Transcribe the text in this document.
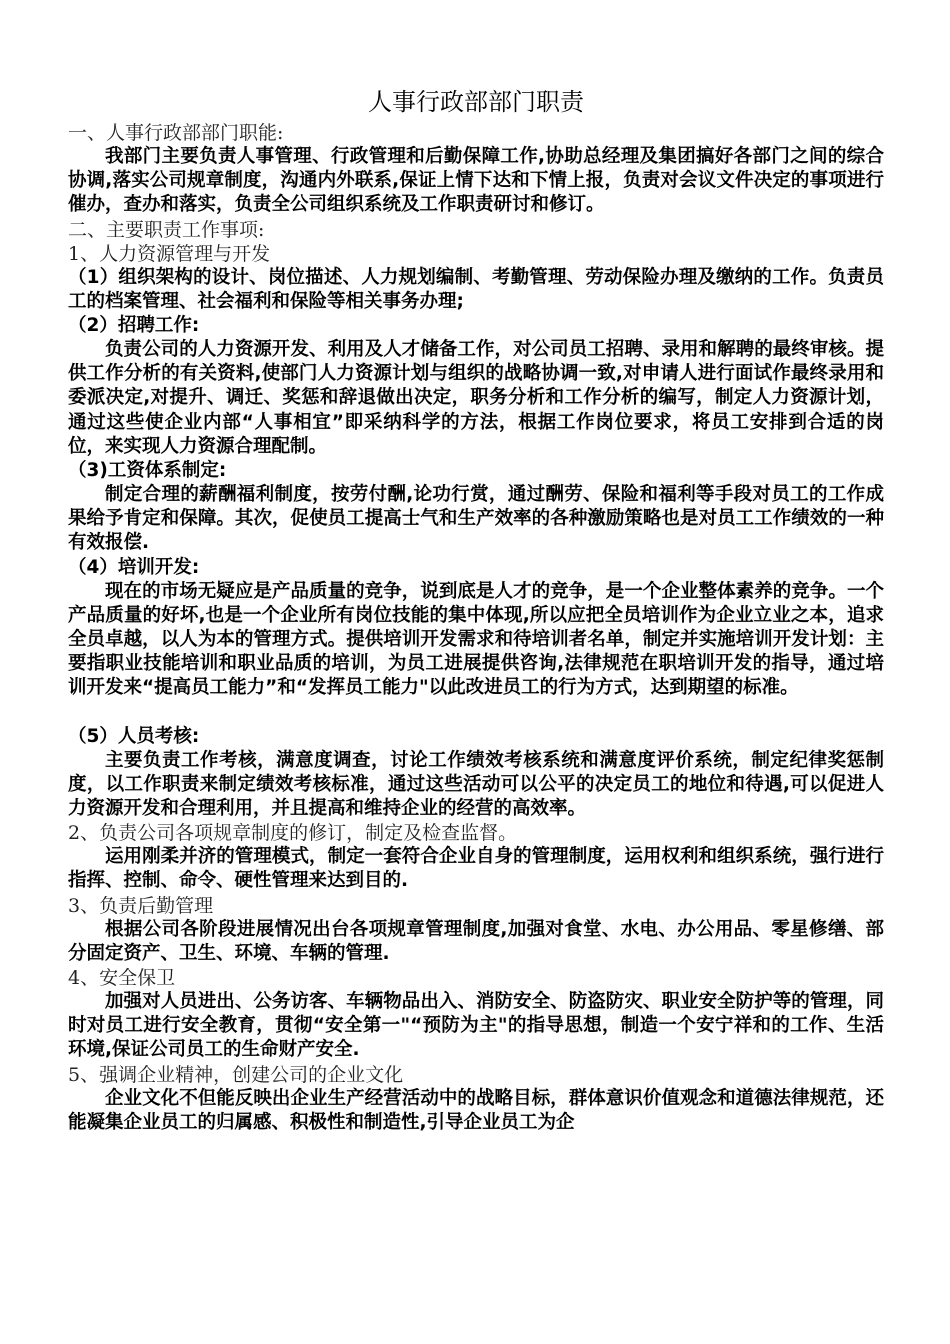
人事行政部部门职责
一、人事行政部部门职能:
我部门主要负责人事管理、行政管理和后勤保障工作,协助总经理及集团搞好各部门之间的综合协调,落实公司规章制度，沟通内外联系,保证上情下达和下情上报，负责对会议文件决定的事项进行催办，查办和落实，负责全公司组织系统及工作职责研讨和修订。
二、主要职责工作事项:
1、人力资源管理与开发
（1）组织架构的设计、岗位描述、人力规划编制、考勤管理、劳动保险办理及缴纳的工作。负责员工的档案管理、社会福利和保险等相关事务办理;
（2）招聘工作:
负责公司的人力资源开发、利用及人才储备工作，对公司员工招聘、录用和解聘的最终审核。提供工作分析的有关资料,使部门人力资源计划与组织的战略协调一致,对申请人进行面试作最终录用和委派决定,对提升、调迁、奖惩和辞退做出决定，职务分析和工作分析的编写，制定人力资源计划，通过这些使企业内部“人事相宜”即采纳科学的方法，根据工作岗位要求，将员工安排到合适的岗位，来实现人力资源合理配制。
（3)工资体系制定:
制定合理的薪酬福利制度，按劳付酬,论功行赏，通过酬劳、保险和福利等手段对员工的工作成果给予肯定和保障。其次，促使员工提高士气和生产效率的各种激励策略也是对员工工作绩效的一种有效报偿.
（4）培训开发:
现在的市场无疑应是产品质量的竞争，说到底是人才的竞争，是一个企业整体素养的竞争。一个产品质量的好坏,也是一个企业所有岗位技能的集中体现,所以应把全员培训作为企业立业之本，追求全员卓越，以人为本的管理方式。提供培训开发需求和待培训者名单，制定并实施培训开发计划：主要指职业技能培训和职业品质的培训，为员工进展提供咨询,法律规范在职培训开发的指导，通过培训开发来“提高员工能力”和“发挥员工能力"以此改进员工的行为方式，达到期望的标准。
（5）人员考核:
主要负责工作考核，满意度调查，讨论工作绩效考核系统和满意度评价系统，制定纪律奖惩制度，以工作职责来制定绩效考核标准，通过这些活动可以公平的决定员工的地位和待遇,可以促进人力资源开发和合理利用，并且提高和维持企业的经营的高效率。
2、负责公司各项规章制度的修订，制定及检查监督。
运用刚柔并济的管理模式，制定一套符合企业自身的管理制度，运用权利和组织系统，强行进行指挥、控制、命令、硬性管理来达到目的.
3、负责后勤管理
根据公司各阶段进展情况出台各项规章管理制度,加强对食堂、水电、办公用品、零星修缮、部分固定资产、卫生、环境、车辆的管理.
4、安全保卫
加强对人员进出、公务访客、车辆物品出入、消防安全、防盗防灾、职业安全防护等的管理，同时对员工进行安全教育，贯彻“安全第一"“预防为主"的指导思想，制造一个安宁祥和的工作、生活环境,保证公司员工的生命财产安全.
5、强调企业精神，创建公司的企业文化
企业文化不但能反映出企业生产经营活动中的战略目标，群体意识价值观念和道德法律规范，还能凝集企业员工的归属感、积极性和制造性,引导企业员工为企
